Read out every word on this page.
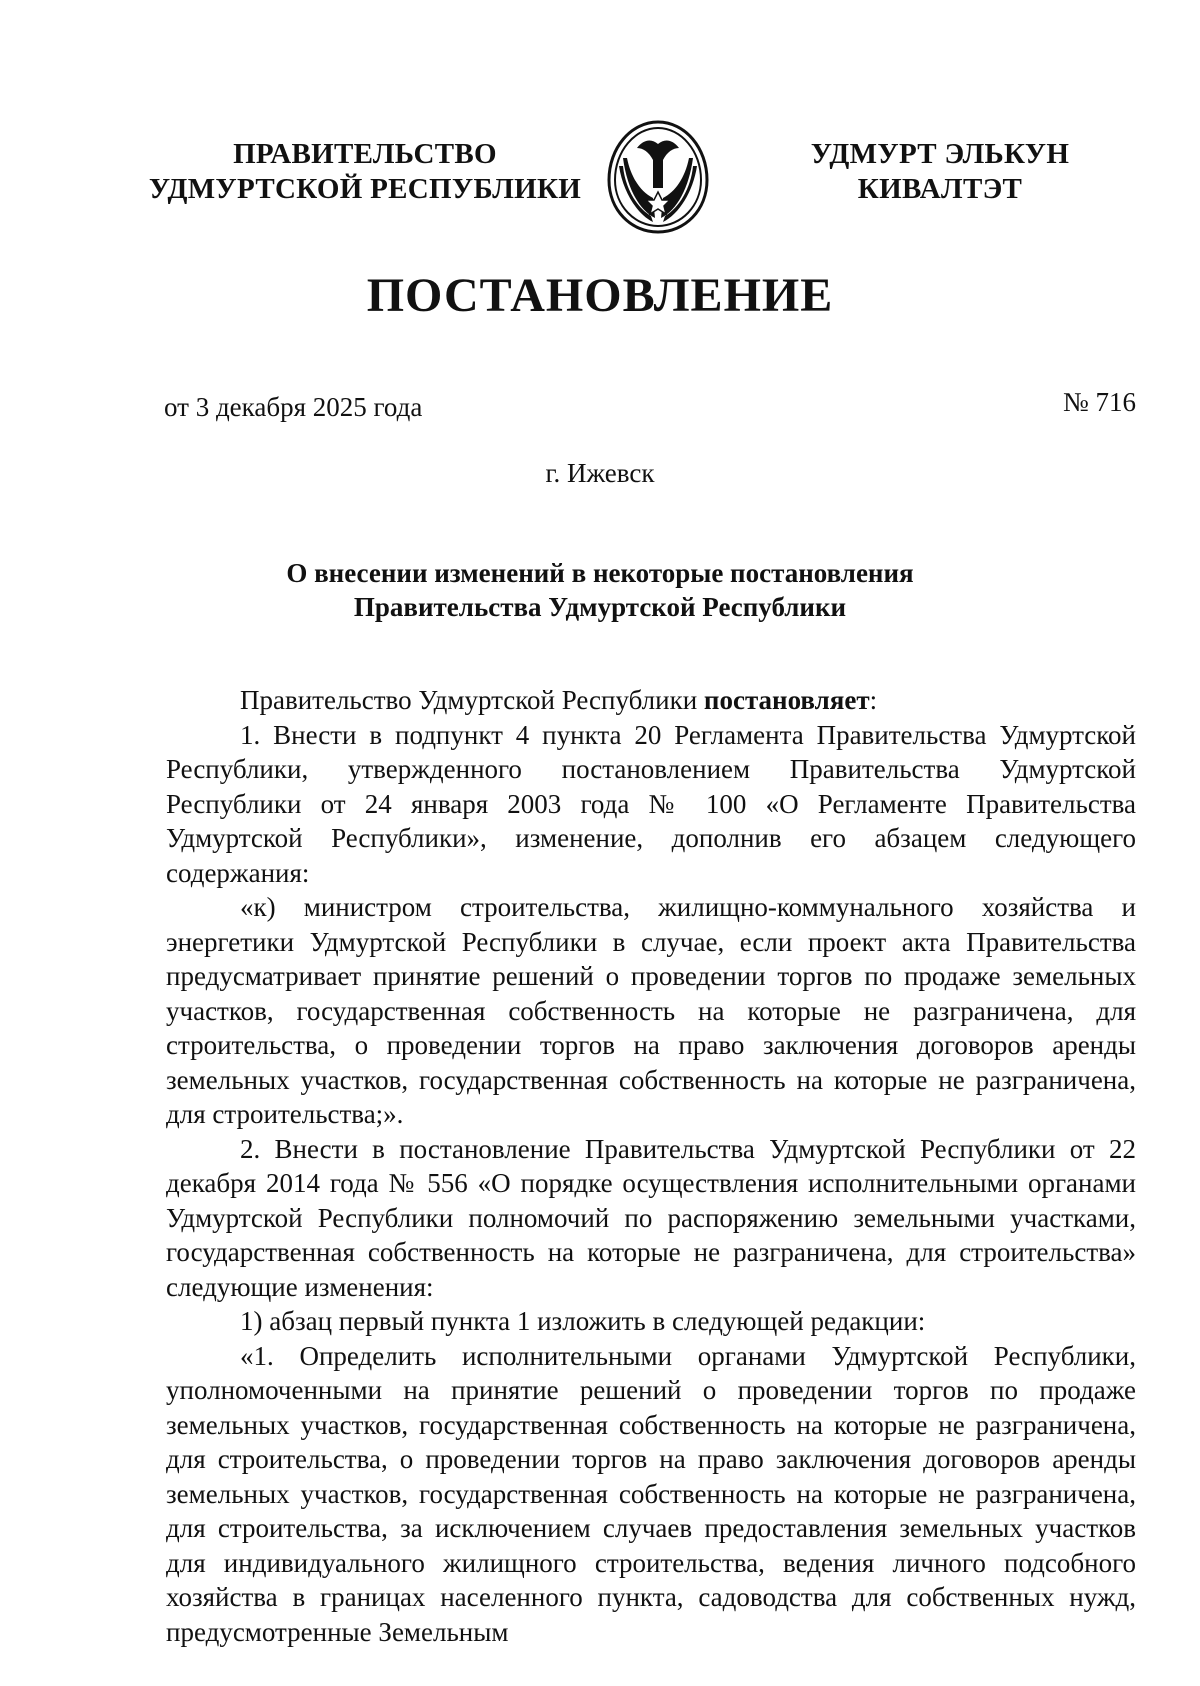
ПРАВИТЕЛЬСТВО
УДМУРТСКОЙ РЕСПУБЛИКИ
УДМУРТ ЭЛЬКУН
КИВАЛТЭТ
ПОСТАНОВЛЕНИЕ
от 3 декабря 2025 года	№ 716
г. Ижевск
О внесении изменений в некоторые постановления
Правительства Удмуртской Республики

Правительство Удмуртской Республики постановляет:

1. Внести в подпункт 4 пункта 20 Регламента Правительства Удмуртской Республики, утвержденного постановлением Правительства Удмуртской Республики от 24 января 2003 года № 100 «О Регламенте Правительства Удмуртской Республики», изменение, дополнив его абзацем следующего содержания:

«к) министром строительства, жилищно-коммунального хозяйства и энергетики Удмуртской Республики в случае, если проект акта Правительства предусматривает принятие решений о проведении торгов по продаже земельных участков, государственная собственность на которые не разграничена, для строительства, о проведении торгов на право заключения договоров аренды земельных участков, государственная собственность на которые не разграничена, для строительства;».

2. Внести в постановление Правительства Удмуртской Республики от 22 декабря 2014 года № 556 «О порядке осуществления исполнительными органами Удмуртской Республики полномочий по распоряжению земельными участками, государственная собственность на которые не разграничена, для строительства» следующие изменения:

1) абзац первый пункта 1 изложить в следующей редакции:

«1. Определить исполнительными органами Удмуртской Республики, уполномоченными на принятие решений о проведении торгов по продаже земельных участков, государственная собственность на которые не разграничена, для строительства, о проведении торгов на право заключения договоров аренды земельных участков, государственная собственность на которые не разграничена, для строительства, за исключением случаев предоставления земельных участков для индивидуального жилищного строительства, ведения личного подсобного хозяйства в границах населенного пункта, садоводства для собственных нужд, предусмотренные Земельным
